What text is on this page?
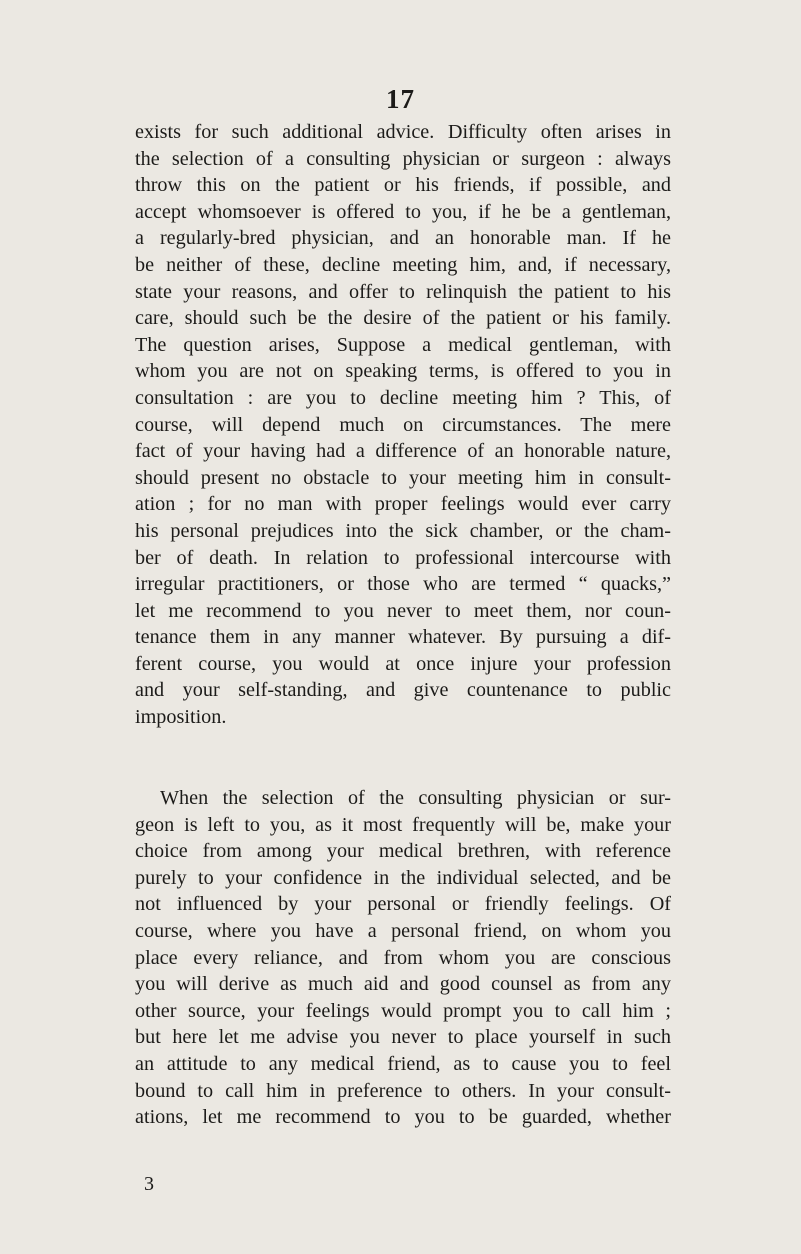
17
exists for such additional advice. Difficulty often arises in
the selection of a consulting physician or surgeon : always
throw this on the patient or his friends, if possible, and
accept whomsoever is offered to you, if he be a gentleman,
a regularly-bred physician, and an honorable man. If he
be neither of these, decline meeting him, and, if necessary,
state your reasons, and offer to relinquish the patient to his
care, should such be the desire of the patient or his family.
The question arises, Suppose a medical gentleman, with
whom you are not on speaking terms, is offered to you in
consultation : are you to decline meeting him ? This, of
course, will depend much on circumstances. The mere
fact of your having had a difference of an honorable nature,
should present no obstacle to your meeting him in consult-
ation ; for no man with proper feelings would ever carry
his personal prejudices into the sick chamber, or the cham-
ber of death. In relation to professional intercourse with
irregular practitioners, or those who are termed “ quacks,”
let me recommend to you never to meet them, nor coun-
tenance them in any manner whatever. By pursuing a dif-
ferent course, you would at once injure your profession
and your self-standing, and give countenance to public
imposition.
When the selection of the consulting physician or sur-
geon is left to you, as it most frequently will be, make your
choice from among your medical brethren, with reference
purely to your confidence in the individual selected, and be
not influenced by your personal or friendly feelings. Of
course, where you have a personal friend, on whom you
place every reliance, and from whom you are conscious
you will derive as much aid and good counsel as from any
other source, your feelings would prompt you to call him ;
but here let me advise you never to place yourself in such
an attitude to any medical friend, as to cause you to feel
bound to call him in preference to others. In your consult-
ations, let me recommend to you to be guarded, whether
3
